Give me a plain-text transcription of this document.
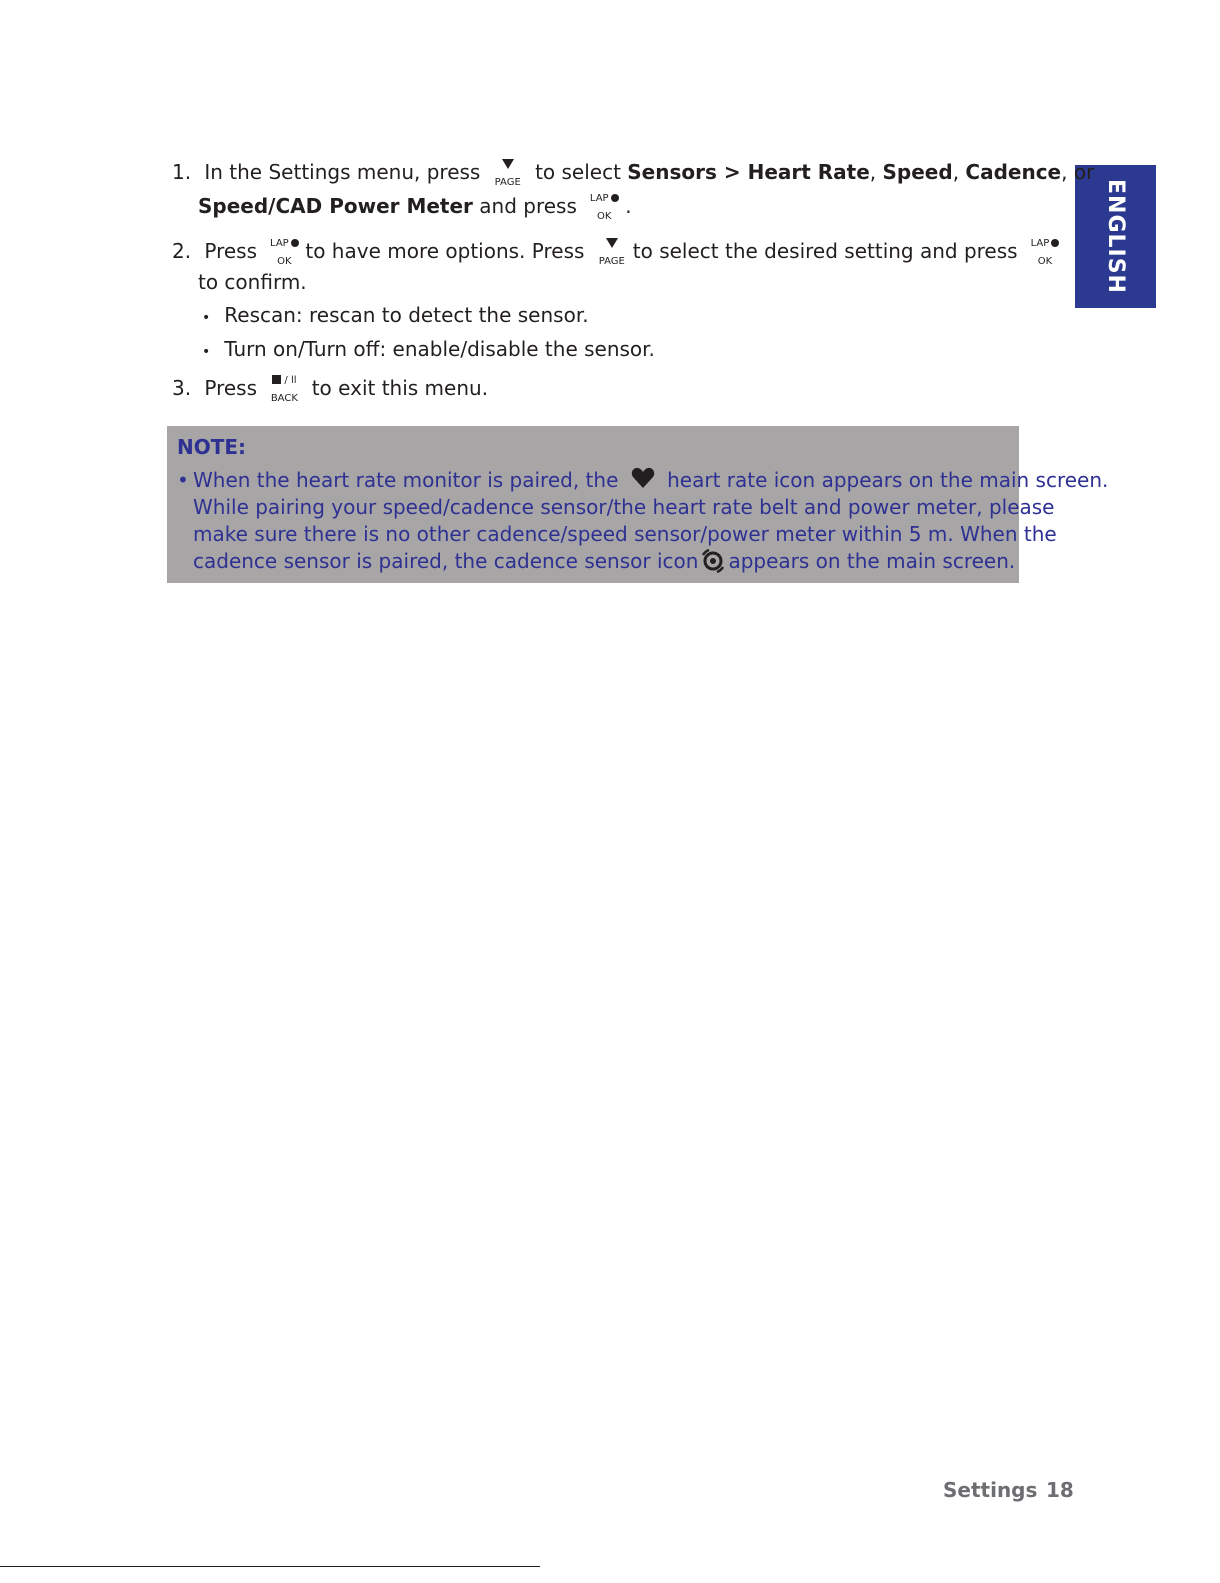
ENGLISH
1. In the Settings menu, press	PAGE to select Sensors > Heart Rate, Speed, Cadence, or
Speed/CAD Power Meter and press LAP
OK .
2. Press LAP
OK to have more options. Press	PAGE to select the desired setting and press LAP
OK
to confirm.
• Rescan: rescan to detect the sensor.
• Turn on/Turn off: enable/disable the sensor.
3. Press	/ ll
BACK to exit this menu.
NOTE:
• When the heart rate monitor is paired, the heart rate icon appears on the main screen.
While pairing your speed/cadence sensor/the heart rate belt and power meter, please
make sure there is no other cadence/speed sensor/power meter within 5 m. When the
cadence sensor is paired, the cadence sensor icon appears on the main screen.
Settings 18
